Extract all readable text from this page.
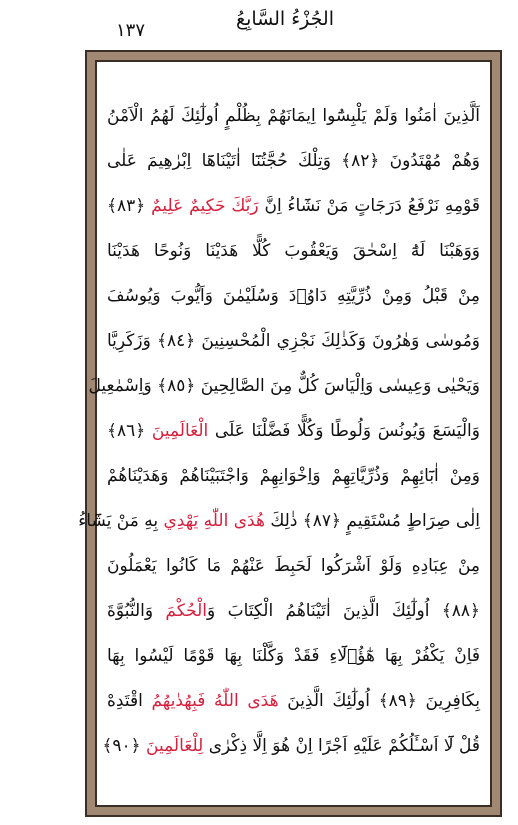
١٣٧
الجُزْءُ السَّابِعُ
اَلَّذِينَ اٰمَنُوا وَلَمْ يَلْبِسُٓوا اِيمَانَهُمْ بِظُلْمٍ اُولٰٓئِكَ لَهُمُ الْاَمْنُ
وَهُمْ مُهْتَدُونَ ﴿٨٢﴾ وَتِلْكَ حُجَّتُنَٓا اٰتَيْنَاهَٓا اِبْرٰهِيمَ عَلٰى
قَوْمِهِ نَرْفَعُ دَرَجَاتٍ مَنْ نَشَٓاءُ اِنَّ رَبَّكَ حَكِيمٌ عَلِيمٌ ﴿٨٣﴾
وَوَهَبْنَا لَهُٓ اِسْحٰقَ وَيَعْقُوبَ كُلًّا هَدَيْنَا وَنُوحًا هَدَيْنَا
مِنْ قَبْلُ وَمِنْ ذُرِّيَّتِهِ دَاوُ۫دَ وَسُلَيْمٰنَ وَاَيُّوبَ وَيُوسُفَ
وَمُوسٰى وَهٰرُونَ وَكَذٰلِكَ نَجْزِي الْمُحْسِنِينَ ﴿٨٤﴾ وَزَكَرِيَّا
وَيَحْيٰى وَعِيسٰى وَاِلْيَاسَ كُلٌّ مِنَ الصَّالِحِينَ ﴿٨٥﴾ وَاِسْمٰعِيلَ
وَالْيَسَعَ وَيُونُسَ وَلُوطًا وَكُلًّا فَضَّلْنَا عَلَى الْعَالَمِينَ ﴿٨٦﴾
وَمِنْ اٰبَٓائِهِمْ وَذُرِّيَّاتِهِمْ وَاِخْوَانِهِمْ وَاجْتَبَيْنَاهُمْ وَهَدَيْنَاهُمْ
اِلٰى صِرَاطٍ مُسْتَقِيمٍ ﴿٨٧﴾ ذٰلِكَ هُدَى اللّٰهِ يَهْدِي بِهِ مَنْ يَشَٓاءُ
مِنْ عِبَادِهِ وَلَوْ اَشْرَكُوا لَحَبِطَ عَنْهُمْ مَا كَانُوا يَعْمَلُونَ
﴿٨٨﴾ اُولٰٓئِكَ الَّذِينَ اٰتَيْنَاهُمُ الْكِتَابَ وَالْحُكْمَ وَالنُّبُوَّةَ
فَاِنْ يَكْفُرْ بِهَا هٰٓؤُ۬لَٓاءِ فَقَدْ وَكَّلْنَا بِهَا قَوْمًا لَيْسُوا بِهَا
بِكَافِرِينَ ﴿٨٩﴾ اُولٰٓئِكَ الَّذِينَ هَدَى اللّٰهُ فَبِهُدٰيهُمُ اقْتَدِهْ
قُلْ لَٓا اَسْـَٔلُكُمْ عَلَيْهِ اَجْرًا اِنْ هُوَ اِلَّا ذِكْرٰى لِلْعَالَمِينَ ﴿٩٠﴾
